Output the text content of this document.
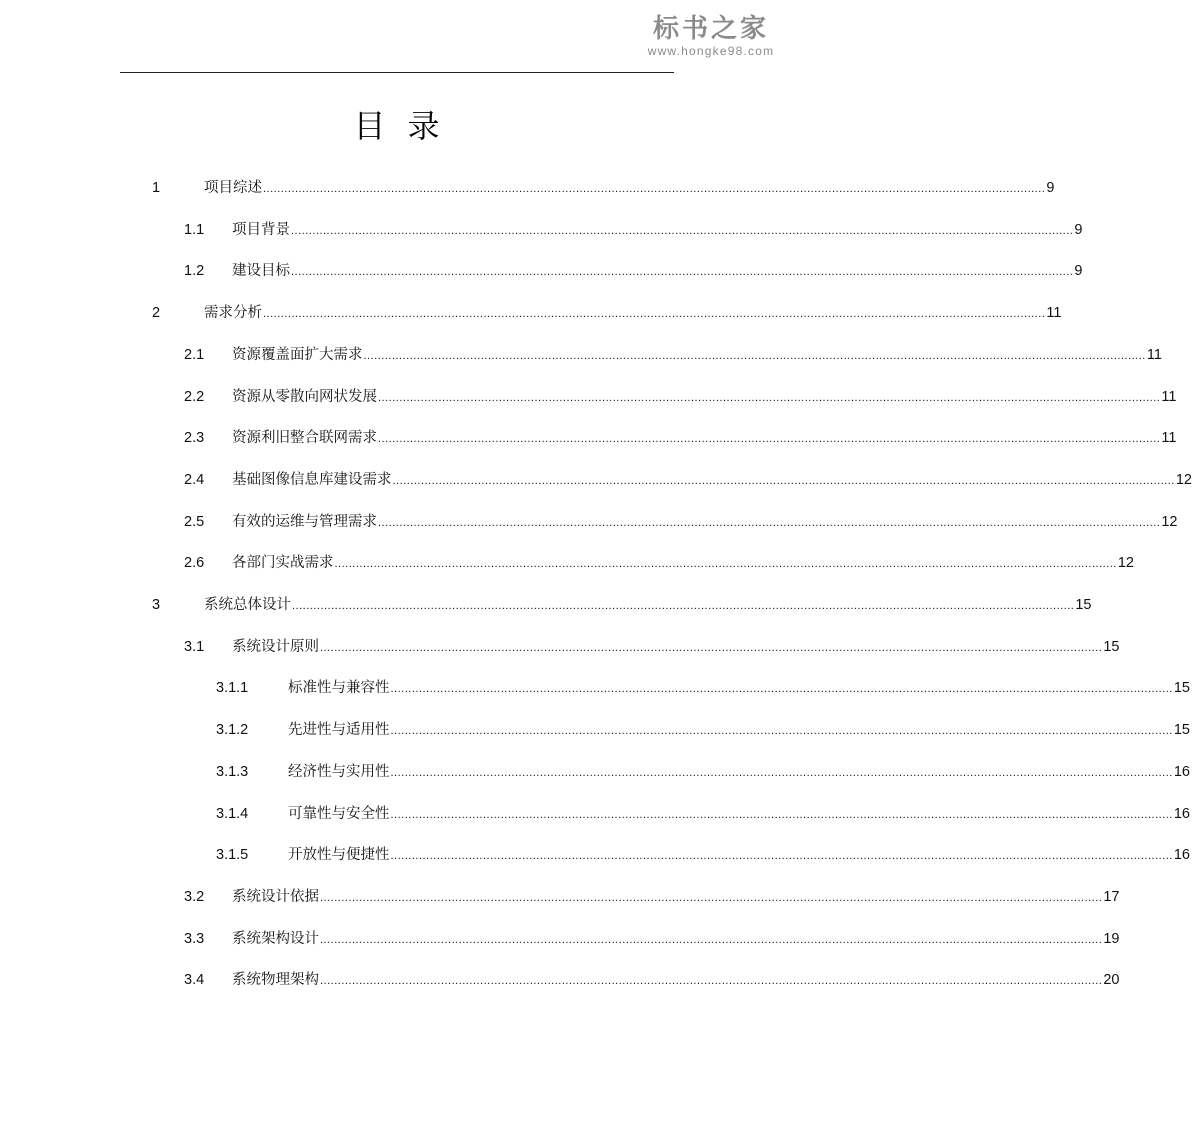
标书之家
www.hongke98.com
目录
1	项目综述 ............................................................................................................................................................................................................................ 9
1.1 项目背景 ............................................................................................................................................................................................................................ 9
1.2 建设目标 ............................................................................................................................................................................................................................ 9
2	需求分析 ............................................................................................................................................................................................................................ 11
2.1 资源覆盖面扩大需求 ............................................................................................................................................................................................................................ 11
2.2 资源从零散向网状发展 ............................................................................................................................................................................................................................ 11
2.3 资源利旧整合联网需求 ............................................................................................................................................................................................................................ 11
2.4 基础图像信息库建设需求 ............................................................................................................................................................................................................................ 12
2.5 有效的运维与管理需求 ............................................................................................................................................................................................................................ 12
2.6 各部门实战需求 ............................................................................................................................................................................................................................ 12
3	系统总体设计 ............................................................................................................................................................................................................................ 15
3.1 系统设计原则 ............................................................................................................................................................................................................................ 15
3.1.1	标准性与兼容性 ............................................................................................................................................................................................................................ 15
3.1.2	先进性与适用性 ............................................................................................................................................................................................................................ 15
3.1.3	经济性与实用性 ............................................................................................................................................................................................................................ 16
3.1.4	可靠性与安全性 ............................................................................................................................................................................................................................ 16
3.1.5	开放性与便捷性 ............................................................................................................................................................................................................................ 16
3.2 系统设计依据 ............................................................................................................................................................................................................................ 17
3.3 系统架构设计 ............................................................................................................................................................................................................................ 19
3.4 系统物理架构 ............................................................................................................................................................................................................................ 20
